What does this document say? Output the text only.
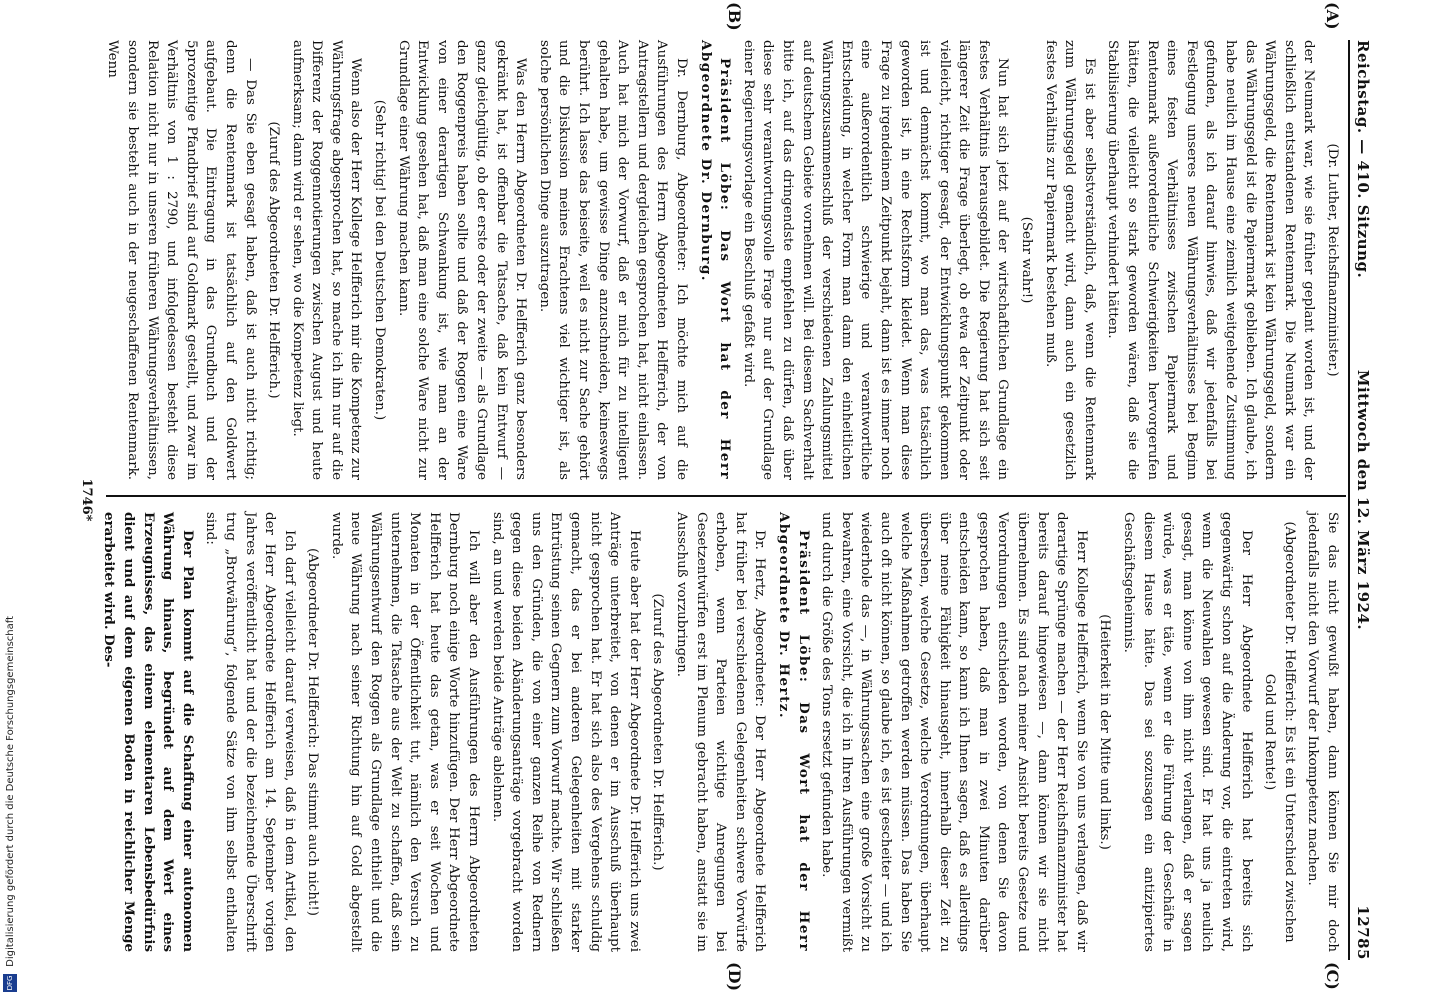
Reichstag. — 410. Sitzung.
Mittwoch den 12. März 1924.
12785
(A)
(B)
(C)
(D)

(Dr. Luther, Reichsfinanzminister.)

der Neumark war, wie sie früher geplant worden ist, und der schließlich entstandenen Rentenmark. Die Neumark war ein Währungsgeld, die Rentenmark ist kein Währungsgeld, sondern das Währungsgeld ist die Papiermark geblieben. Ich glaube, ich habe neulich im Hause eine ziemlich weitgehende Zustimmung gefunden, als ich darauf hinwies, daß wir jedenfalls bei Festlegung unseres neuen Währungsverhältnisses bei Beginn eines festen Verhältnisses zwischen Papiermark und Rentenmark außerordentliche Schwierigkeiten hervorgerufen hätten, die vielleicht so stark geworden wären, daß sie die Stabilisierung überhaupt verhindert hätten.

Es ist aber selbstverständlich, daß, wenn die Rentenmark zum Währungsgeld gemacht wird, dann auch ein gesetzlich festes Verhältnis zur Papiermark bestehen muß.

(Sehr wahr!)

Nun hat sich jetzt auf der wirtschaftlichen Grundlage ein festes Verhältnis herausgebildet. Die Regierung hat sich seit längerer Zeit die Frage überlegt, ob etwa der Zeitpunkt oder vielleicht, richtiger gesagt, der Entwicklungspunkt gekommen ist und demnächst kommt, wo man das, was tatsächlich geworden ist, in eine Rechtsform kleidet. Wenn man diese Frage zu irgendeinem Zeitpunkt bejaht, dann ist es immer noch eine außerordentlich schwierige und verantwortliche Entscheidung, in welcher Form man dann den einheitlichen Währungszusammenschluß der verschiedenen Zahlungsmittel auf deutschem Gebiete vornehmen will. Bei diesem Sachverhalt bitte ich, auf das dringendste empfehlen zu dürfen, daß über diese sehr verantwortungsvolle Frage nur auf der Grundlage einer Regierungsvorlage ein Beschluß gefaßt wird.

Präsident Löbe: Das Wort hat der Herr Abgeordnete Dr. Dernburg.

Dr. Dernburg, Abgeordneter: Ich möchte mich auf die Ausführungen des Herrn Abgeordneten Helfferich, der von Antragstellern und dergleichen gesprochen hat, nicht einlassen. Auch hat mich der Vorwurf, daß er mich für zu intelligent gehalten habe, um gewisse Dinge anzuschneiden, keineswegs berührt. Ich lasse das beiseite, weil es nicht zur Sache gehört und die Diskussion meines Erachtens viel wichtiger ist, als solche persönlichen Dinge auszutragen.

Was den Herrn Abgeordneten Dr. Helfferich ganz besonders gekränkt hat, ist offenbar die Tatsache, daß kein Entwurf — ganz gleichgültig, ob der erste oder der zweite — als Grundlage den Roggenpreis haben sollte und daß der Roggen eine Ware von einer derartigen Schwankung ist, wie man an der Entwicklung gesehen hat, daß man eine solche Ware nicht zur Grundlage einer Währung machen kann.

(Sehr richtig! bei den Deutschen Demokraten.)

Wenn also der Herr Kollege Helfferich mir die Kompetenz zur Währungsfrage abgesprochen hat, so mache ich ihn nur auf die Differenz der Roggennotierungen zwischen August und heute aufmerksam; dann wird er sehen, wo die Kompetenz liegt.

(Zuruf des Abgeordneten Dr. Helfferich.)

— Das Sie eben gesagt haben, daß ist auch nicht richtig; denn die Rentenmark ist tatsächlich auf den Goldwert aufgebaut. Die Eintragung in das Grundbuch und der 5prozentige Pfandbrief sind auf Goldmark gestellt, und zwar im Verhältnis von 1 : 2790, und infolgedessen besteht diese Relation nicht nur in unseren früheren Währungsverhältnissen, sondern sie besteht auch in der neugeschaffenen Rentenmark. Wenn

Sie das nicht gewußt haben, dann können Sie mir doch jedenfalls nicht den Vorwurf der Inkompetenz machen.

(Abgeordneter Dr. Helfferich: Es ist ein Unterschied zwischen Gold und Rente!)

Der Herr Abgeordnete Helfferich hat bereits sich gegenwärtig schon auf die Änderung vor, die eintreten wird, wenn die Neuwahlen gewesen sind. Er hat uns ja neulich gesagt, man könne von ihm nicht verlangen, daß er sagen würde, was er täte, wenn er die Führung der Geschäfte in diesem Hause hätte. Das sei sozusagen ein antizipiertes Geschäftsgeheimnis.

(Heiterkeit in der Mitte und links.)

Herr Kollege Helfferich, wenn Sie von uns verlangen, daß wir derartige Sprünge machen — der Herr Reichsfinanzminister hat bereits darauf hingewiesen —, dann können wir sie nicht übernehmen. Es sind nach meiner Ansicht bereits Gesetze und Verordnungen entschieden worden, von denen Sie davon gesprochen haben, daß man in zwei Minuten darüber entscheiden kann, so kann ich Ihnen sagen, daß es allerdings über meine Fähigkeit hinausgeht, innerhalb dieser Zeit zu übersehen, welche Gesetze, welche Verordnungen, überhaupt welche Maßnahmen getroffen werden müssen. Das haben Sie auch oft nicht können, so glaube ich, es ist gescheiter — und ich wiederhole das —, in Währungssachen eine große Vorsicht zu bewahren, eine Vorsicht, die ich in Ihren Ausführungen vermißt und durch die Größe des Tons ersetzt gefunden habe.

Präsident Löbe: Das Wort hat der Herr Abgeordnete Dr. Hertz.

Dr. Hertz, Abgeordneter: Der Herr Abgeordnete Helfferich hat früher bei verschiedenen Gelegenheiten schwere Vorwürfe erhoben, wenn Parteien wichtige Anregungen bei Gesetzentwürfen erst im Plenum gebracht haben, anstatt sie im Ausschuß vorzubringen.

(Zuruf des Abgeordneten Dr. Helfferich.)

Heute aber hat der Herr Abgeordnete Dr. Helfferich uns zwei Anträge unterbreitet, von denen er im Ausschuß überhaupt nicht gesprochen hat. Er hat sich also des Vergehens schuldig gemacht, das er bei anderen Gelegenheiten mit starker Entrüstung seinen Gegnern zum Vorwurf machte. Wir schließen uns den Gründen, die von einer ganzen Reihe von Rednern gegen diese beiden Abänderungsanträge vorgebracht worden sind, an und werden beide Anträge ablehnen.

Ich will aber den Ausführungen des Herrn Abgeordneten Dernburg noch einige Worte hinzufügen. Der Herr Abgeordnete Helfferich hat heute das getan, was er seit Wochen und Monaten in der Öffentlichkeit tut, nämlich den Versuch zu unternehmen, die Tatsache aus der Welt zu schaffen, daß sein Währungsentwurf den Roggen als Grundlage enthielt und die neue Währung nach seiner Richtung hin auf Gold abgestellt wurde.

(Abgeordneter Dr. Helfferich: Das stimmt auch nicht!)

Ich darf vielleicht darauf verweisen, daß in dem Artikel, den der Herr Abgeordnete Helfferich am 14. September vorigen Jahres veröffentlicht hat und der die bezeichnende Überschrift trug „Brotwährung“, folgende Sätze von ihm selbst enthalten sind:

Der Plan kommt auf die Schaffung einer autonomen Währung hinaus, begründet auf dem Wert eines Erzeugnisses, das einem elementaren Lebensbedürfnis dient und auf dem eigenen Boden in reichlicher Menge erarbeitet wird. Des-

1746*
DFG Digitalisierung gefördert durch die Deutsche Forschungsgemeinschaft
